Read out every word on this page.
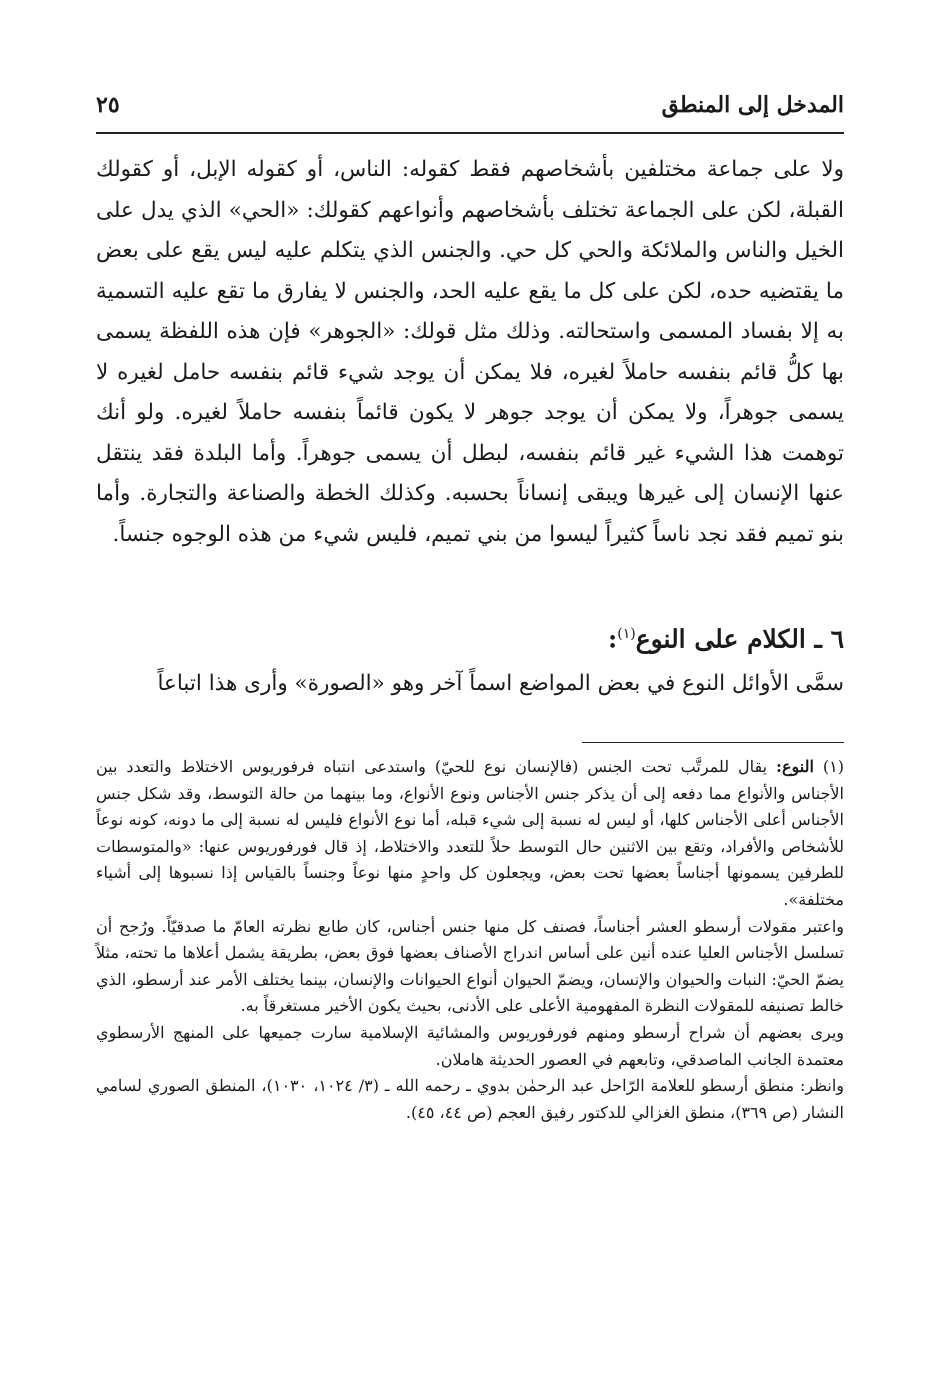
المدخل إلى المنطق
٢٥

ولا على جماعة مختلفين بأشخاصهم فقط كقوله: الناس، أو كقوله الإبل، أو كقولك القبلة، لكن على الجماعة تختلف بأشخاصهم وأنواعهم كقولك: «الحي» الذي يدل على الخيل والناس والملائكة والحي كل حي. والجنس الذي يتكلم عليه ليس يقع على بعض ما يقتضيه حده، لكن على كل ما يقع عليه الحد، والجنس لا يفارق ما تقع عليه التسمية به إلا بفساد المسمى واستحالته. وذلك مثل قولك: «الجوهر» فإن هذه اللفظة يسمى بها كلُّ قائم بنفسه حاملاً لغيره، فلا يمكن أن يوجد شيء قائم بنفسه حامل لغيره لا يسمى جوهراً، ولا يمكن أن يوجد جوهر لا يكون قائماً بنفسه حاملاً لغيره. ولو أنك توهمت هذا الشيء غير قائم بنفسه، لبطل أن يسمى جوهراً. وأما البلدة فقد ينتقل عنها الإنسان إلى غيرها ويبقى إنساناً بحسبه. وكذلك الخطة والصناعة والتجارة. وأما بنو تميم فقد نجد ناساً كثيراً ليسوا من بني تميم، فليس شيء من هذه الوجوه جنساً.

٦ ـ الكلام على النوع$^{(١)}$:
سمَّى الأوائل النوع في بعض المواضع اسماً آخر وهو «الصورة» وأرى هذا اتباعاً

(١) النوع: يقال للمرتَّب تحت الجنس (فالإنسان نوع للحيّ) واستدعى انتباه فرفوريوس الاختلاط والتعدد بين الأجناس والأنواع مما دفعه إلى أن يذكر جنس الأجناس ونوع الأنواع، وما بينهما من حالة التوسط، وقد شكل جنس الأجناس أعلى الأجناس كلها، أو ليس له نسبة إلى شيء قبله، أما نوع الأنواع فليس له نسبة إلى ما دونه، كونه نوعاً للأشخاص والأفراد، وتقع بين الاثنين حال التوسط حلاً للتعدد والاختلاط، إذ قال فورفوريوس عنها: «والمتوسطات للطرفين يسمونها أجناساً بعضها تحت بعض، ويجعلون كل واحدٍ منها نوعاً وجنساً بالقياس إذا نسبوها إلى أشياء مختلفة».

واعتبر مقولات أرسطو العشر أجناساً، فصنف كل منها جنس أجناس، كان طابع نظرته العامّ ما صدقيّاً. ورُجح أن تسلسل الأجناس العليا عنده أنين على أساس اندراج الأصناف بعضها فوق بعض، بطريقة يشمل أعلاها ما تحته، مثلاً يضمّ الحيّ: النبات والحيوان والإنسان، ويضمّ الحيوان أنواع الحيوانات والإنسان، بينما يختلف الأمر عند أرسطو، الذي خالط تصنيفه للمقولات النظرة المفهومية الأعلى على الأدنى، بحيث يكون الأخير مستغرقاً به.

ويرى بعضهم أن شراح أرسطو ومنهم فورفوريوس والمشائية الإسلامية سارت جميعها على المنهج الأرسطوي معتمدة الجانب الماصدقي، وتابعهم في العصور الحديثة هاملان.

وانظر: منطق أرسطو للعلامة الرّاحل عبد الرحمٰن بدوي ـ رحمه الله ـ (٣/ ١٠٢٤، ١٠٣٠)، المنطق الصوري لسامي النشار (ص ٣٦٩)، منطق الغزالي للدكتور رفيق العجم (ص ٤٤، ٤٥).
